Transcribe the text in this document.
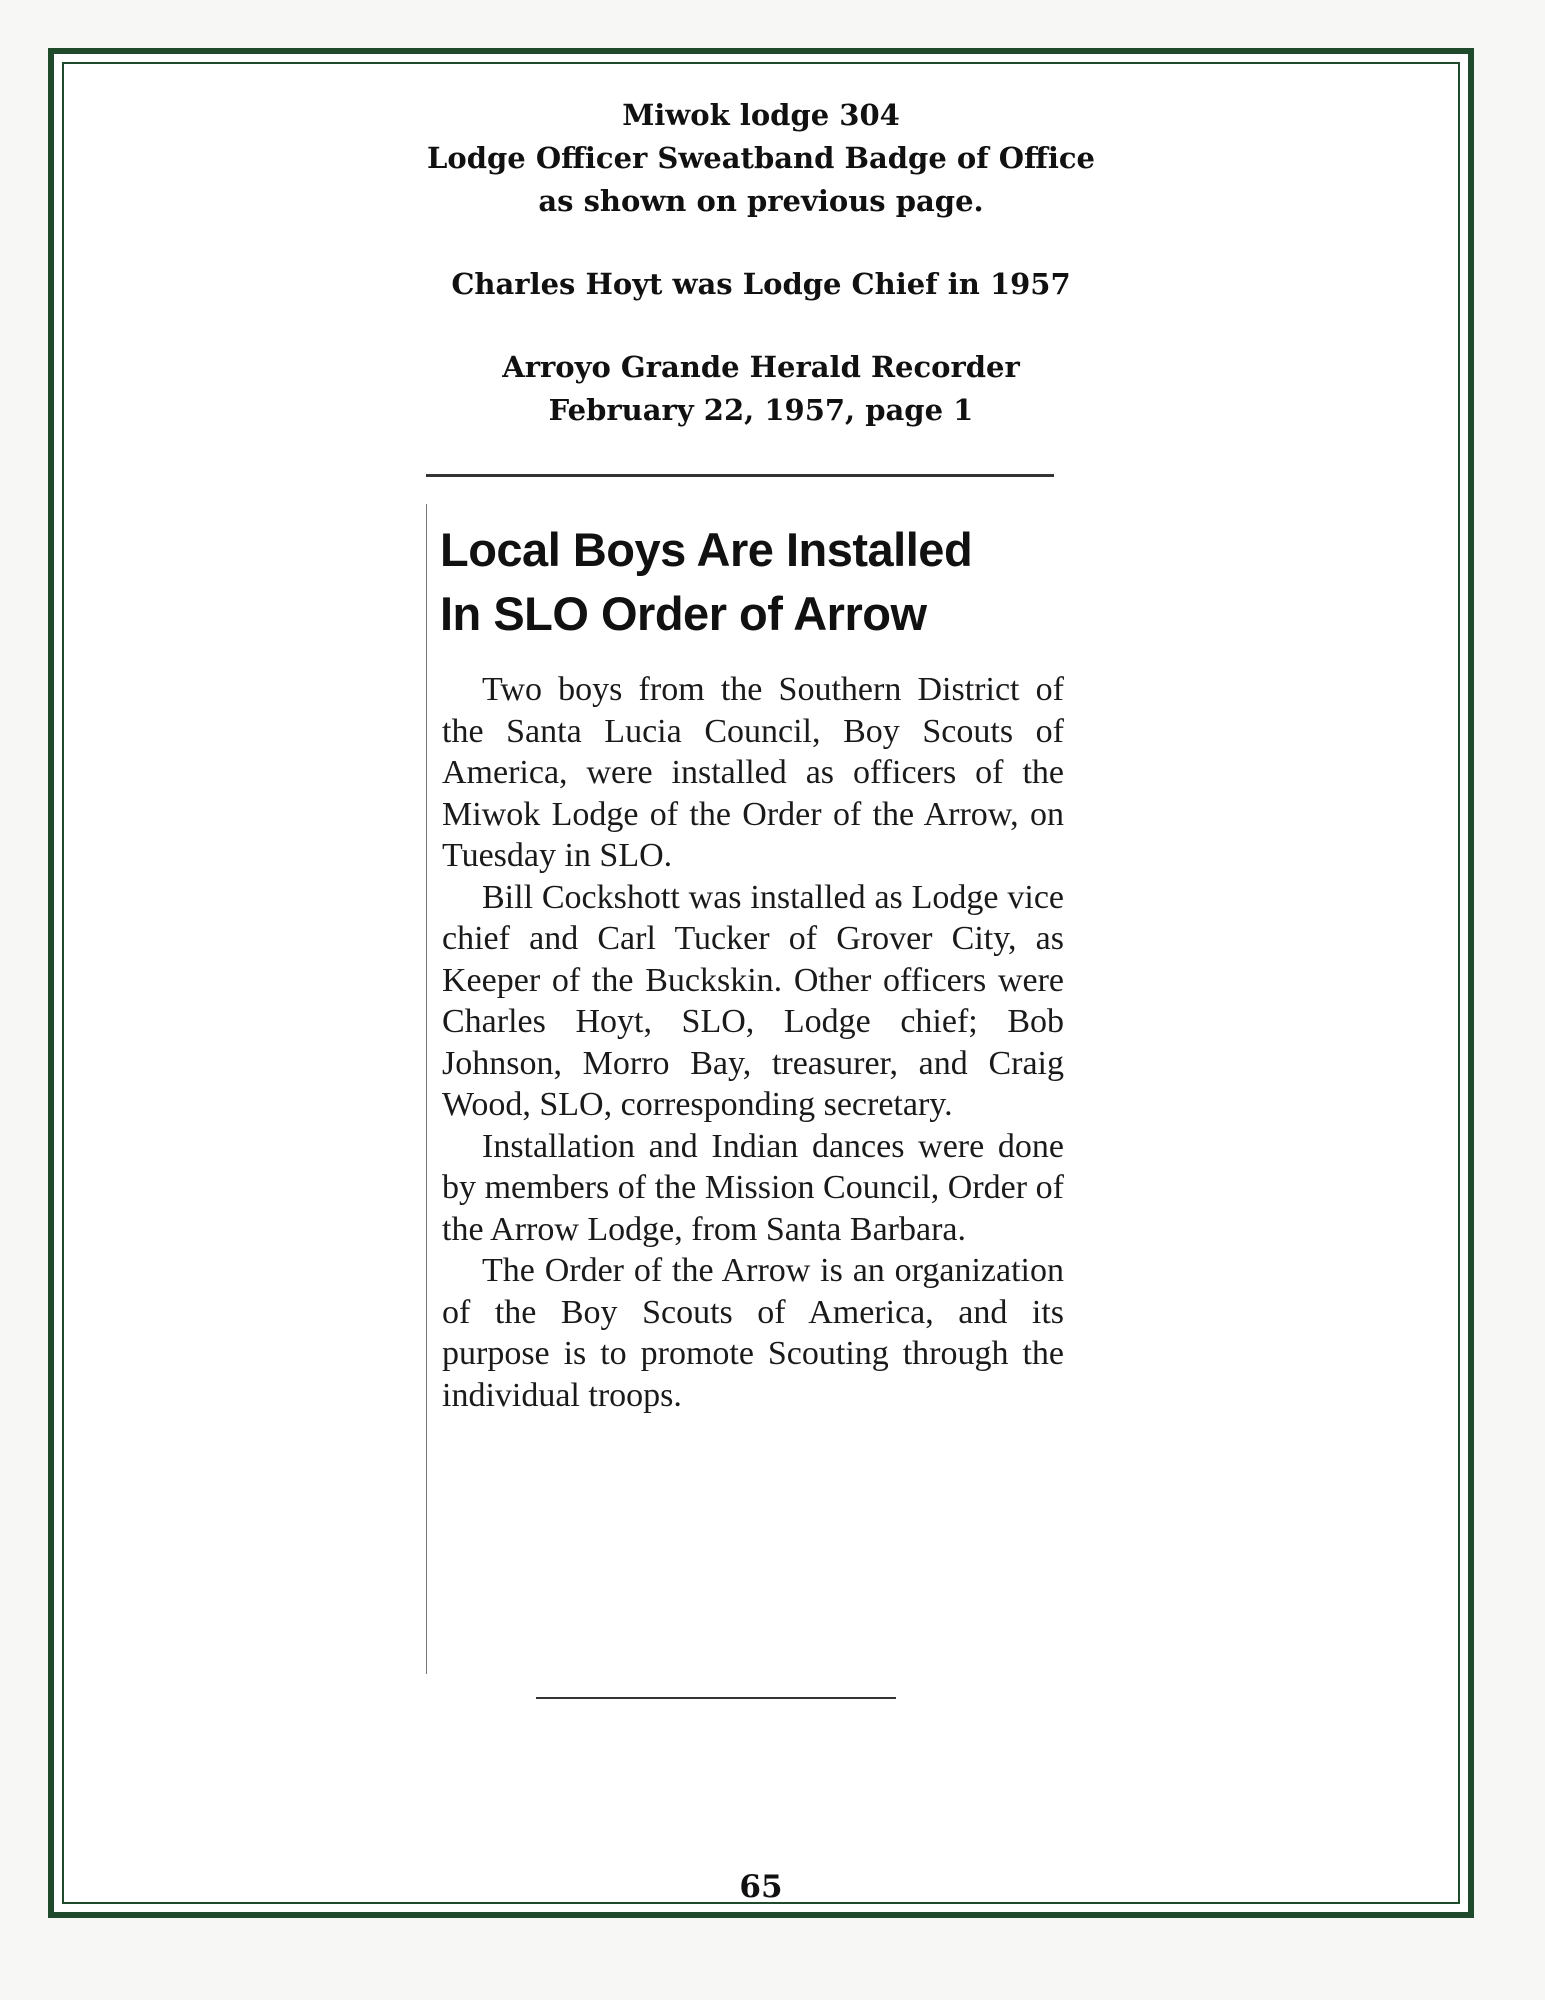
Miwok lodge 304
Lodge Officer Sweatband Badge of Office
as shown on previous page.
Charles Hoyt was Lodge Chief in 1957
Arroyo Grande Herald Recorder
February 22, 1957, page 1
Local Boys Are Installed
In SLO Order of Arrow

Two boys from the Southern District of the Santa Lucia Council, Boy Scouts of America, were installed as officers of the Miwok Lodge of the Order of the Arrow, on Tuesday in SLO.

Bill Cockshott was installed as Lodge vice chief and Carl Tucker of Grover City, as Keeper of the Buckskin. Other officers were Charles Hoyt, SLO, Lodge chief; Bob Johnson, Morro Bay, treasurer, and Craig Wood, SLO, corresponding secretary.

Installation and Indian dances were done by members of the Mission Council, Order of the Arrow Lodge, from Santa Barbara.

The Order of the Arrow is an organization of the Boy Scouts of America, and its purpose is to promote Scouting through the individual troops.

65
